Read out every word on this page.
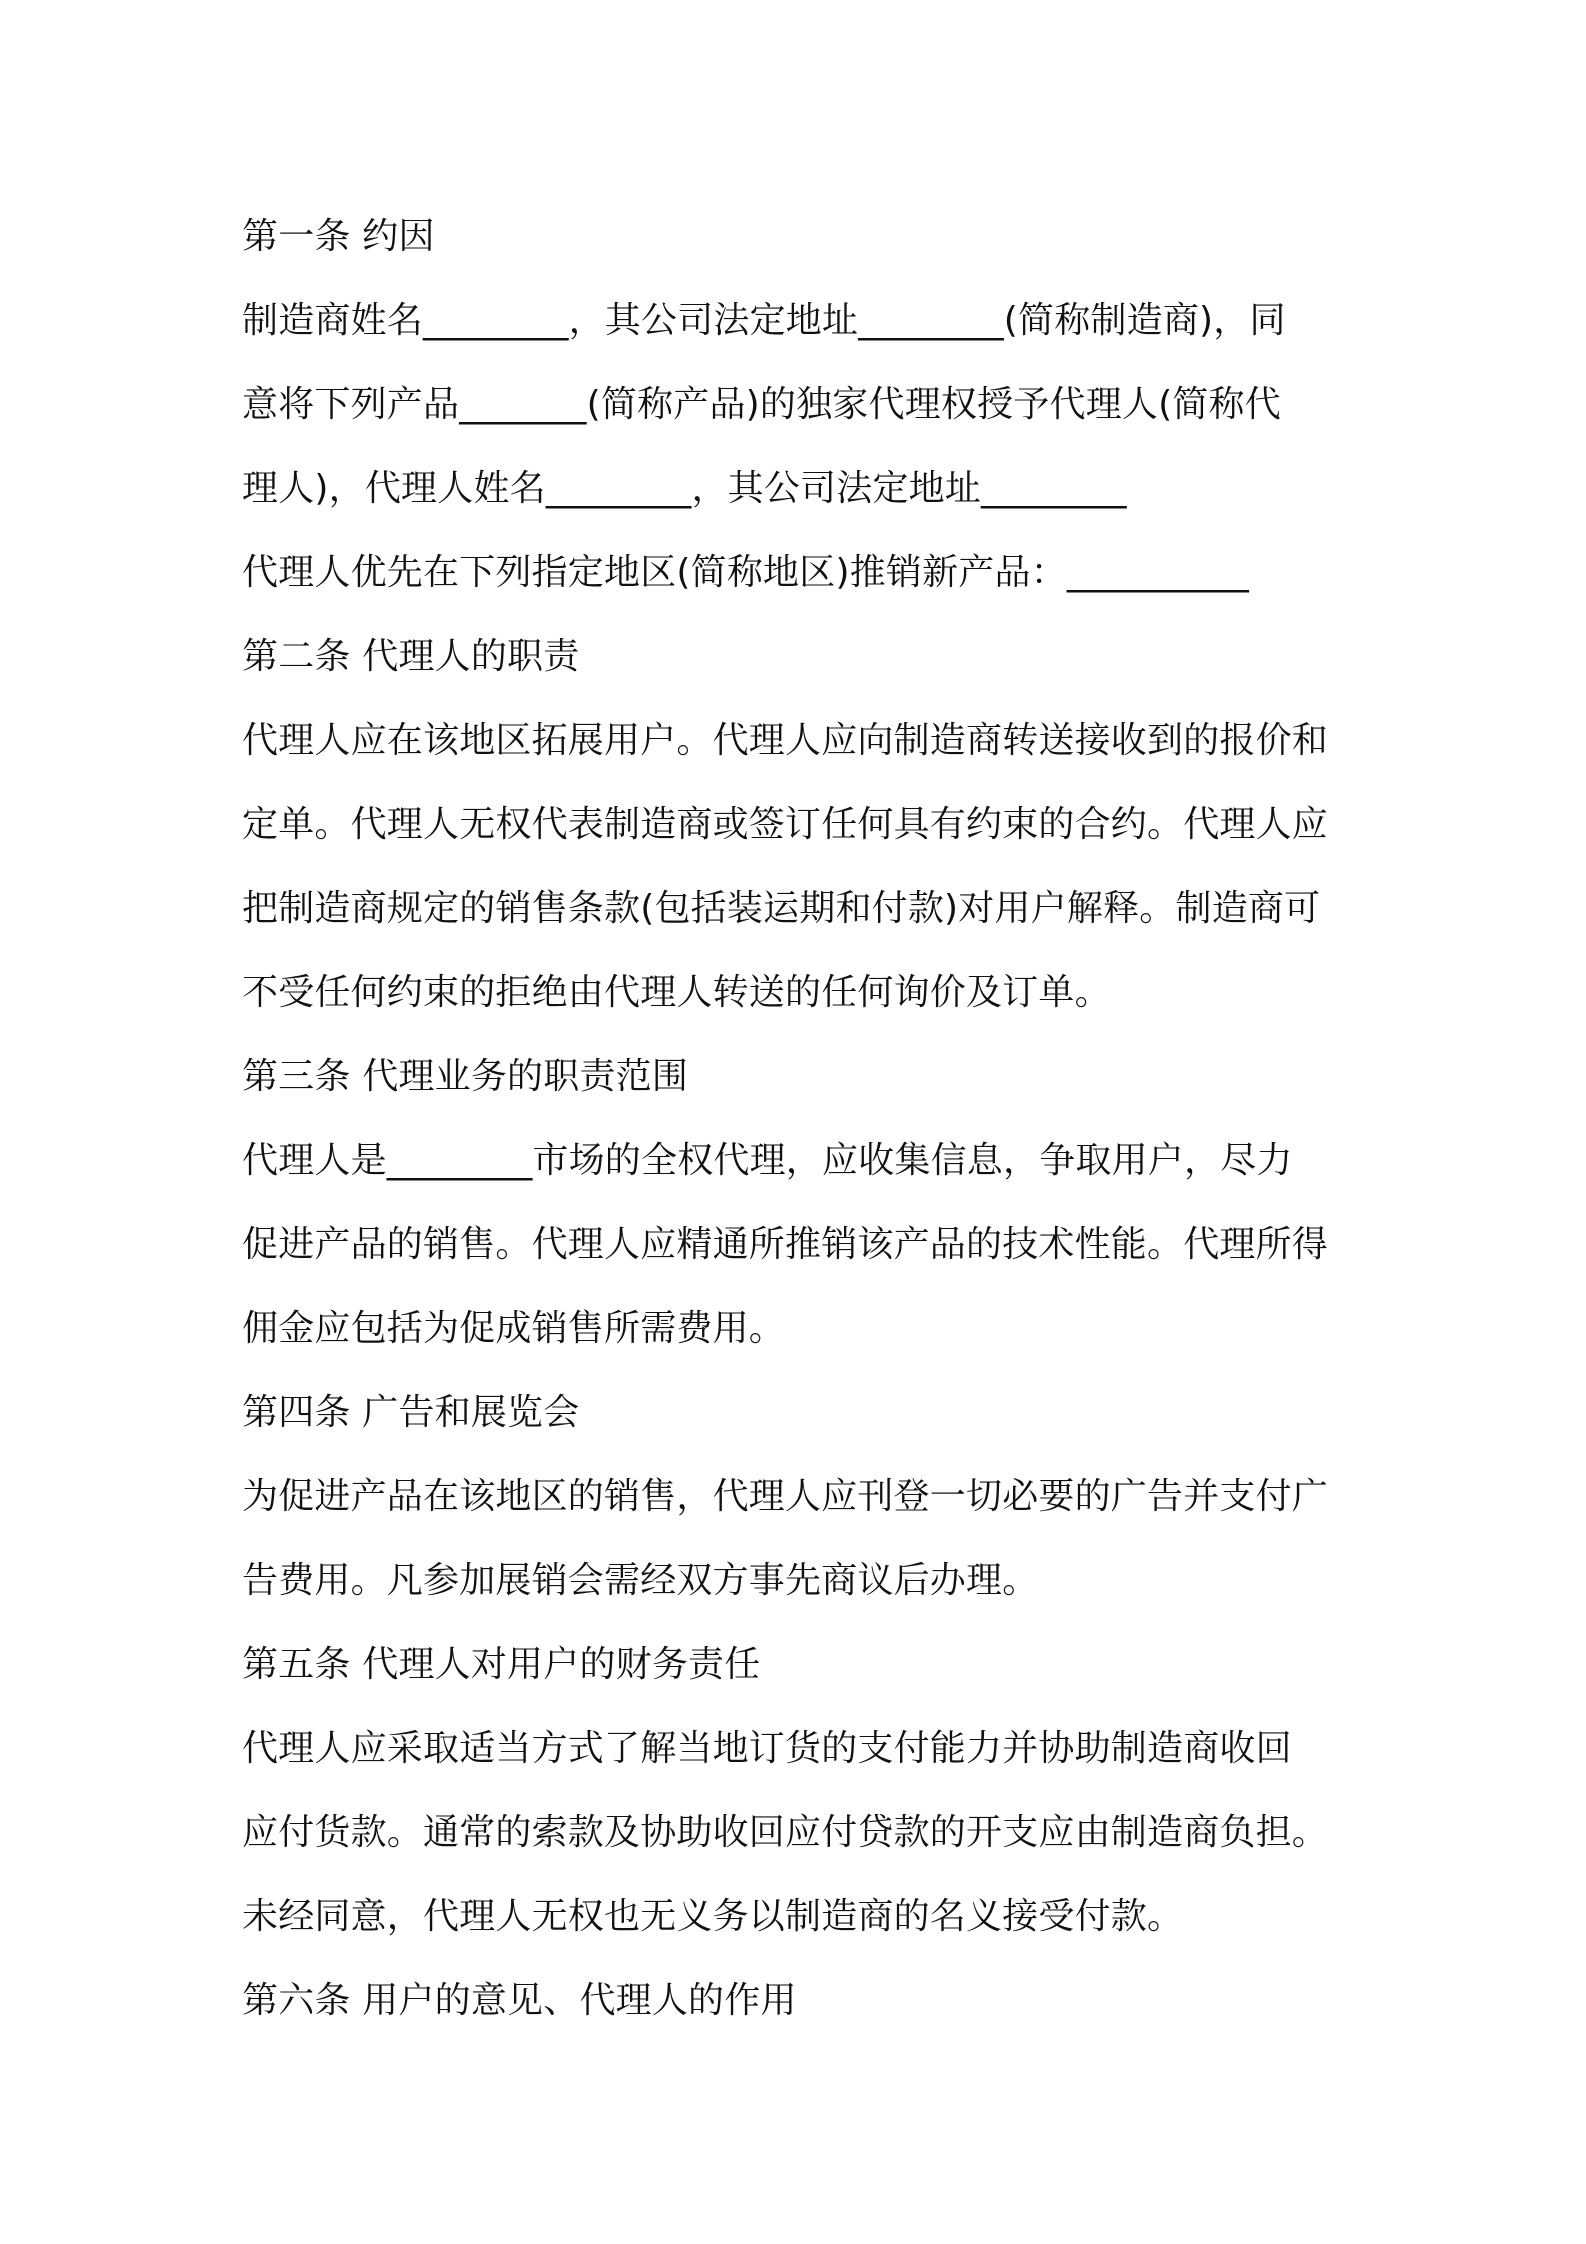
第一条 约因
制造商姓名________，其公司法定地址________(简称制造商)，同
意将下列产品_______(简称产品)的独家代理权授予代理人(简称代
理人)，代理人姓名________，其公司法定地址________
代理人优先在下列指定地区(简称地区)推销新产品：__________
第二条 代理人的职责
代理人应在该地区拓展用户。代理人应向制造商转送接收到的报价和
定单。代理人无权代表制造商或签订任何具有约束的合约。代理人应
把制造商规定的销售条款(包括装运期和付款)对用户解释。制造商可
不受任何约束的拒绝由代理人转送的任何询价及订单。
第三条 代理业务的职责范围
代理人是________市场的全权代理，应收集信息，争取用户，尽力
促进产品的销售。代理人应精通所推销该产品的技术性能。代理所得
佣金应包括为促成销售所需费用。
第四条 广告和展览会
为促进产品在该地区的销售，代理人应刊登一切必要的广告并支付广
告费用。凡参加展销会需经双方事先商议后办理。
第五条 代理人对用户的财务责任
代理人应采取适当方式了解当地订货的支付能力并协助制造商收回
应付货款。通常的索款及协助收回应付贷款的开支应由制造商负担。
未经同意，代理人无权也无义务以制造商的名义接受付款。
第六条 用户的意见、代理人的作用
